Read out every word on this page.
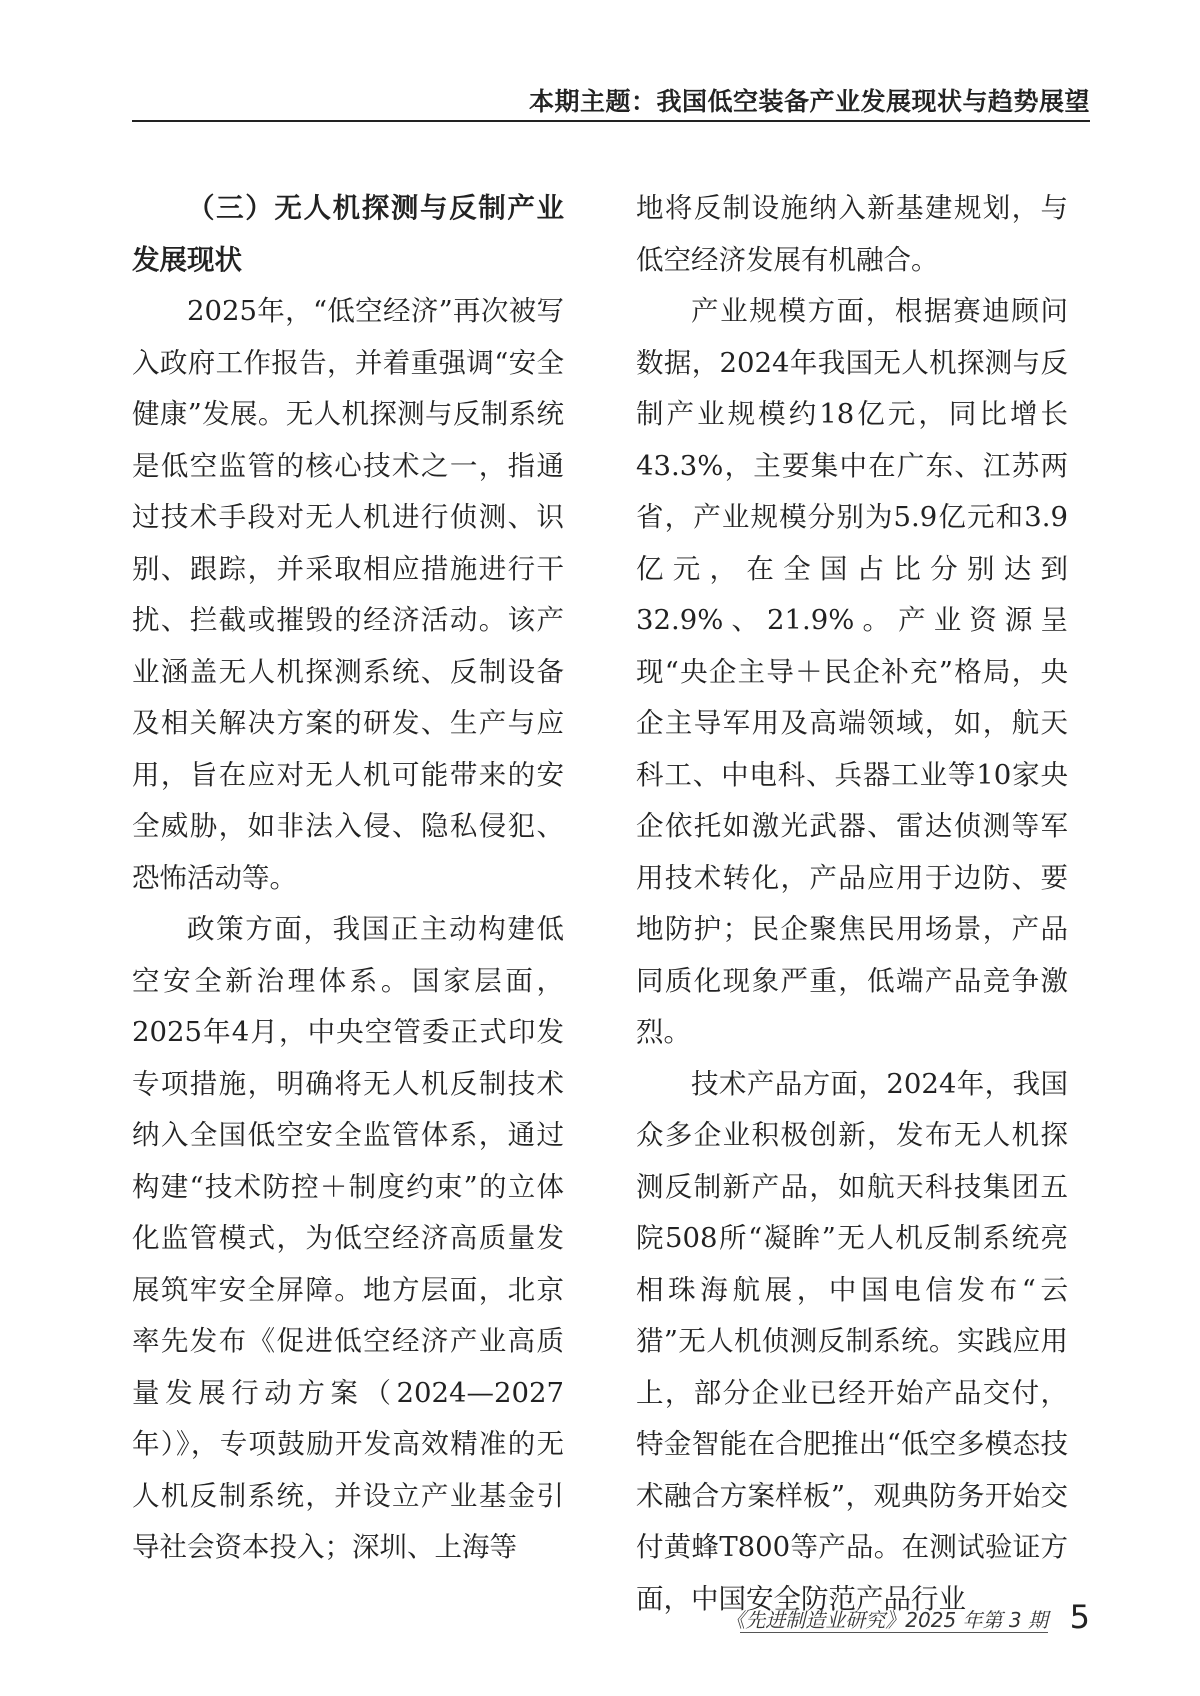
本期主题：我国低空装备产业发展现状与趋势展望

（三）无人机探测与反制产业发展现状

2025年，“低空经济”再次被写入政府工作报告，并着重强调“安全健康”发展。无人机探测与反制系统是低空监管的核心技术之一，指通过技术手段对无人机进行侦测、识别、跟踪，并采取相应措施进行干扰、拦截或摧毁的经济活动。该产业涵盖无人机探测系统、反制设备及相关解决方案的研发、生产与应用，旨在应对无人机可能带来的安全威胁，如非法入侵、隐私侵犯、恐怖活动等。

政策方面，我国正主动构建低空安全新治理体系。国家层面，2025年4月，中央空管委正式印发专项措施，明确将无人机反制技术纳入全国低空安全监管体系，通过构建“技术防控＋制度约束”的立体化监管模式，为低空经济高质量发展筑牢安全屏障。地方层面，北京率先发布《促进低空经济产业高质量发展行动方案（2024—2027年）》，专项鼓励开发高效精准的无人机反制系统，并设立产业基金引导社会资本投入；深圳、上海等

地将反制设施纳入新基建规划，与低空经济发展有机融合。

产业规模方面，根据赛迪顾问数据，2024年我国无人机探测与反制产业规模约18亿元，同比增长43.3%，主要集中在广东、江苏两省，产业规模分别为5.9亿元和3.9亿元，在全国占比分别达到32.9%、21.9%。产业资源呈现“央企主导＋民企补充”格局，央企主导军用及高端领域，如，航天科工、中电科、兵器工业等10家央企依托如激光武器、雷达侦测等军用技术转化，产品应用于边防、要地防护；民企聚焦民用场景，产品同质化现象严重，低端产品竞争激烈。

技术产品方面，2024年，我国众多企业积极创新，发布无人机探测反制新产品，如航天科技集团五院508所“凝眸”无人机反制系统亮相珠海航展，中国电信发布“云猎”无人机侦测反制系统。实践应用上，部分企业已经开始产品交付，特金智能在合肥推出“低空多模态技术融合方案样板”，观典防务开始交付黄蜂T800等产品。在测试验证方面，中国安全防范产品行业

《先进制造业研究》2025 年第 3 期 5
